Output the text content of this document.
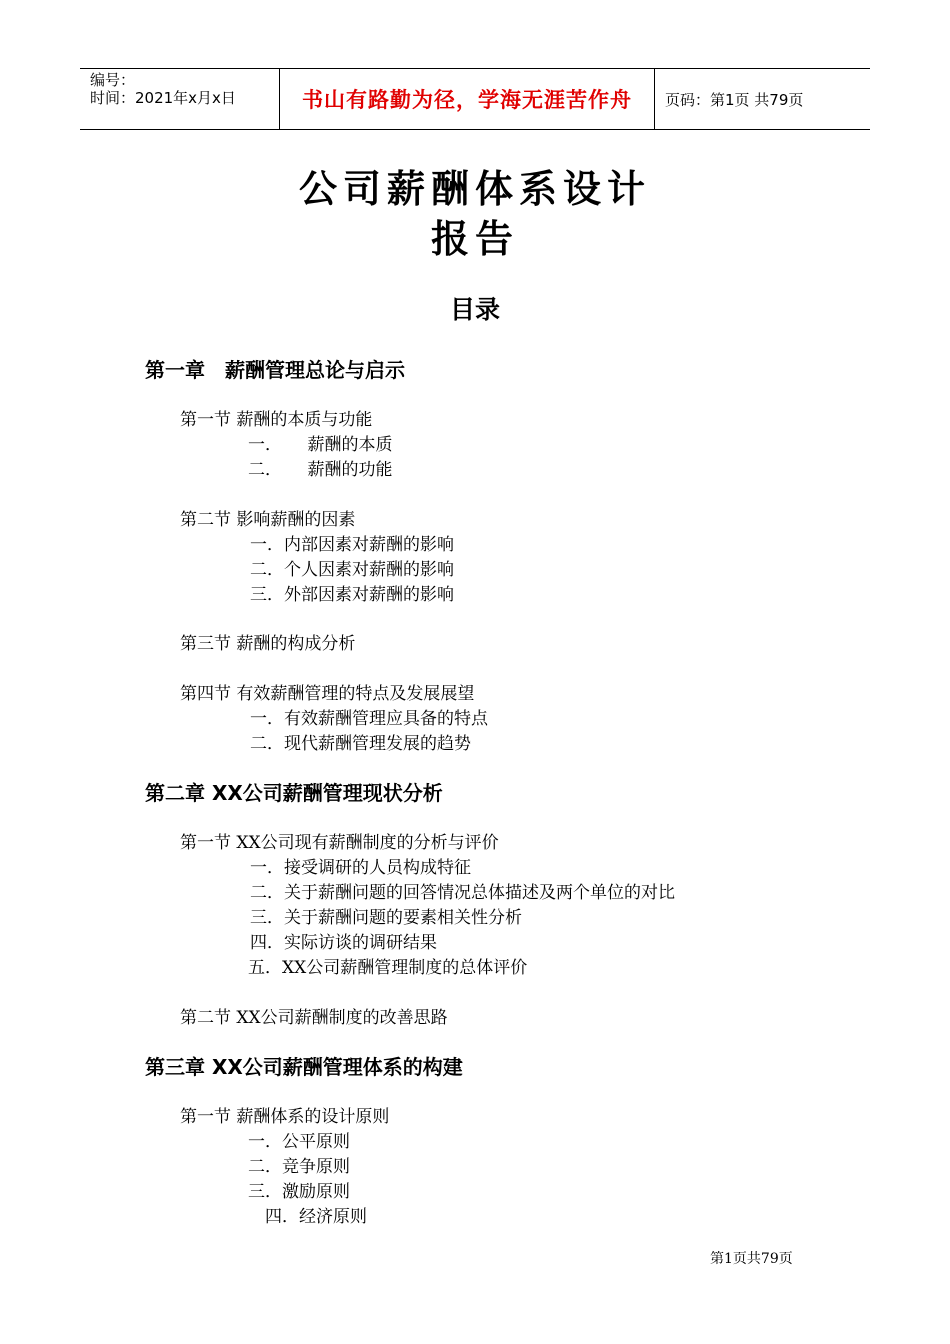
编号：
时间：2021年x月x日	书山有路勤为径，学海无涯苦作舟	页码：第1页 共79页
公司薪酬体系设计
报告
目录
第一章　薪酬管理总论与启示
第一节 薪酬的本质与功能
一．　　薪酬的本质
二．　　薪酬的功能
第二节 影响薪酬的因素
一．内部因素对薪酬的影响
二．个人因素对薪酬的影响
三．外部因素对薪酬的影响
第三节 薪酬的构成分析
第四节 有效薪酬管理的特点及发展展望
一．有效薪酬管理应具备的特点
二．现代薪酬管理发展的趋势
第二章 XX公司薪酬管理现状分析
第一节 XX公司现有薪酬制度的分析与评价
一．接受调研的人员构成特征
二．关于薪酬问题的回答情况总体描述及两个单位的对比
三．关于薪酬问题的要素相关性分析
四．实际访谈的调研结果
五．XX公司薪酬管理制度的总体评价
第二节 XX公司薪酬制度的改善思路
第三章 XX公司薪酬管理体系的构建
第一节 薪酬体系的设计原则
一．公平原则
二．竞争原则
三．激励原则
四．经济原则
第1页共79页
